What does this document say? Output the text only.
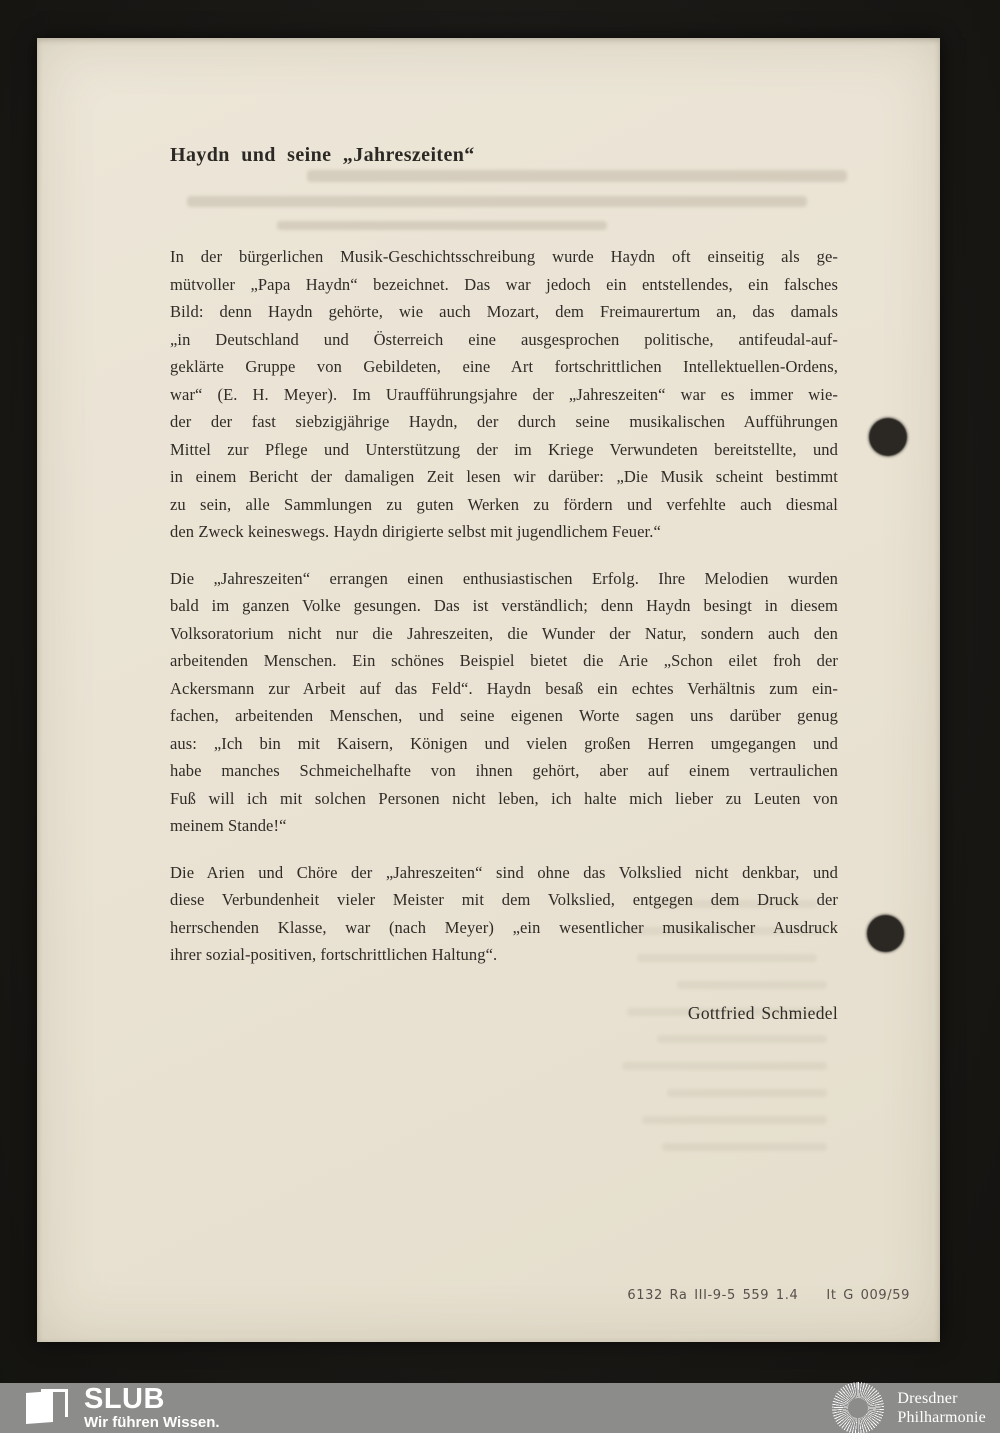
Haydn und seine „Jahreszeiten“
In der bürgerlichen Musik-Geschichtsschreibung wurde Haydn oft einseitig als ge-
mütvoller „Papa Haydn“ bezeichnet. Das war jedoch ein entstellendes, ein falsches
Bild: denn Haydn gehörte, wie auch Mozart, dem Freimaurertum an, das damals
„in Deutschland und Österreich eine ausgesprochen politische, antifeudal-auf-
geklärte Gruppe von Gebildeten, eine Art fortschrittlichen Intellektuellen-Ordens,
war“ (E. H. Meyer). Im Uraufführungsjahre der „Jahreszeiten“ war es immer wie-
der der fast siebzigjährige Haydn, der durch seine musikalischen Aufführungen
Mittel zur Pflege und Unterstützung der im Kriege Verwundeten bereitstellte, und
in einem Bericht der damaligen Zeit lesen wir darüber: „Die Musik scheint bestimmt
zu sein, alle Sammlungen zu guten Werken zu fördern und verfehlte auch diesmal
den Zweck keineswegs. Haydn dirigierte selbst mit jugendlichem Feuer.“
Die „Jahreszeiten“ errangen einen enthusiastischen Erfolg. Ihre Melodien wurden
bald im ganzen Volke gesungen. Das ist verständlich; denn Haydn besingt in diesem
Volksoratorium nicht nur die Jahreszeiten, die Wunder der Natur, sondern auch den
arbeitenden Menschen. Ein schönes Beispiel bietet die Arie „Schon eilet froh der
Ackersmann zur Arbeit auf das Feld“. Haydn besaß ein echtes Verhältnis zum ein-
fachen, arbeitenden Menschen, und seine eigenen Worte sagen uns darüber genug
aus: „Ich bin mit Kaisern, Königen und vielen großen Herren umgegangen und
habe manches Schmeichelhafte von ihnen gehört, aber auf einem vertraulichen
Fuß will ich mit solchen Personen nicht leben, ich halte mich lieber zu Leuten von
meinem Stande!“
Die Arien und Chöre der „Jahreszeiten“ sind ohne das Volkslied nicht denkbar, und
diese Verbundenheit vieler Meister mit dem Volkslied, entgegen dem Druck der
herrschenden Klasse, war (nach Meyer) „ein wesentlicher musikalischer Ausdruck
ihrer sozial-positiven, fortschrittlichen Haltung“.
Gottfried Schmiedel
6132 Ra III-9-5 559 1.4 It G 009/59
SLUB
Wir führen Wissen.
Dresdner
Philharmonie
